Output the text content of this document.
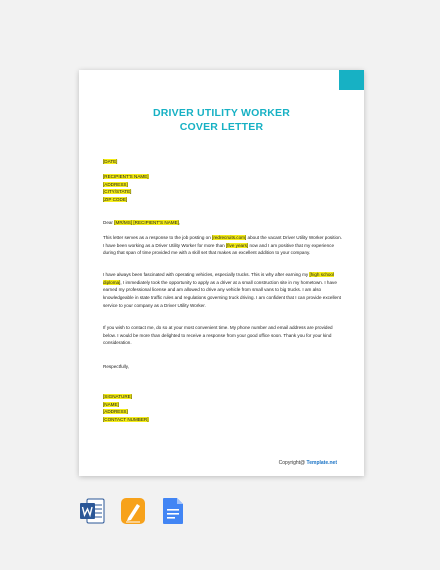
DRIVER UTILITY WORKER
COVER LETTER
[DATE]
[RECIPIENT'S NAME]
[ADDRESS]
[CITY/STATE]
[ZIP CODE]
Dear [MR/MS] [RECIPIENT'S NAME],
This letter serves as a response to the job posting on [redrecruits.com] about the vacant Driver Utility Worker position. I have been working as a Driver Utility Worker for more than [five years] now and I am positive that my experience during that span of time provided me with a skill set that makes an excellent addition to your company.
I have always been fascinated with operating vehicles, especially trucks. This is why after earning my [high school diploma], I immediately took the opportunity to apply as a driver at a small construction site in my hometown. I have earned my professional license and am allowed to drive any vehicle from small vans to big trucks. I am also knowledgeable in state traffic rules and regulations governing truck driving. I am confident that I can provide excellent service to your company as a Driver Utility Worker.
If you wish to contact me, do so at your most convenient time. My phone number and email address are provided below. I would be more than delighted to receive a response from your good office soon. Thank you for your kind consideration.
Respectfully,
[SIGNATURE]
[NAME]
[ADDRESS]
[CONTACT NUMBER]
Copyright@ Template.net
